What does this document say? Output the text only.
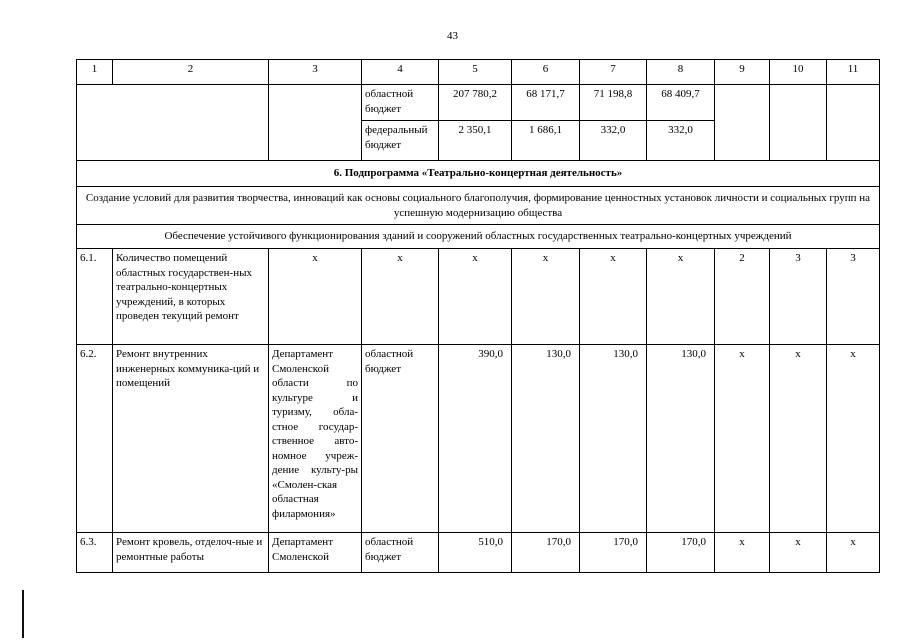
43
1	2	3	4	5	6	7	8	9	10	11
			областной бюджет	207 780,2	68 171,7	71 198,8	68 409,7			
			федеральный бюджет	2 350,1	1 686,1	332,0	332,0			
6. Подпрограмма «Театрально-концертная деятельность»										
Создание условий для развития творчества, инноваций как основы социального благополучия, формирование ценностных установок личности и социальных групп на успешную модернизацию общества										
Обеспечение устойчивого функционирования зданий и сооружений областных государственных театрально-концертных учреждений										
6.1.	Количество помещений областных государствен-ных театрально-концертных учреждений, в которых проведен текущий ремонт	х	х	х	х	х	х	2	3	3
6.2.	Ремонт внутренних инженерных коммуника-ций и помещений	Департамент Смоленской области по культуре и туризму, обла-стное государ-ственное авто-номное учреж-дение культу-ры «Смолен-ская областная филармония»	областной бюджет	390,0	130,0	130,0	130,0	х	х	х
6.3.	Ремонт кровель, отделоч-ные и ремонтные работы	Департамент Смоленской	областной бюджет	510,0	170,0	170,0	170,0	х	х	х
